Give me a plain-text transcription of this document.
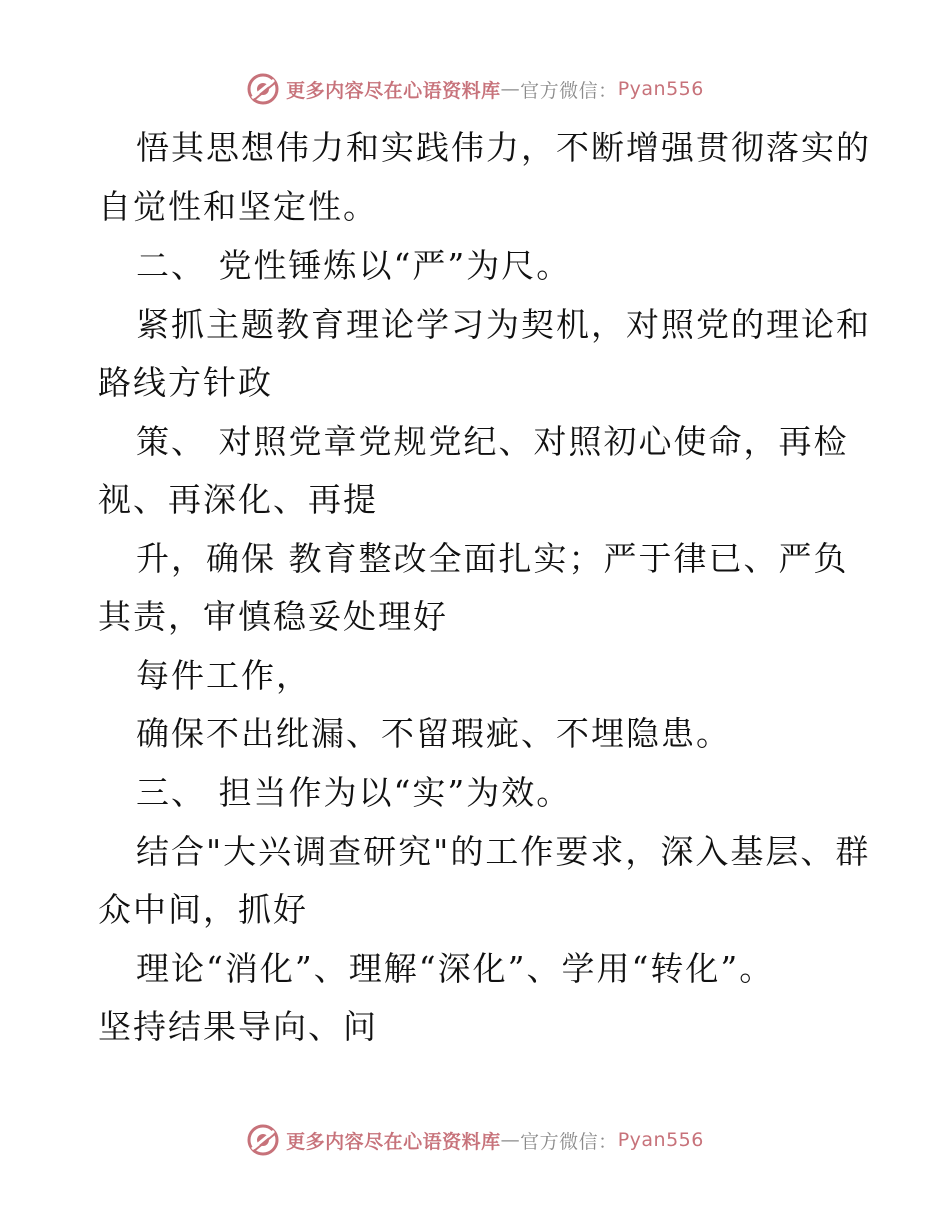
更多内容尽在心语资料库 — 官方微信： Pyan556

悟其思想伟力和实践伟力，不断增强贯彻落实的

自觉性和坚定性。

二、 党性锤炼以“严”为尺。

紧抓主题教育理论学习为契机，对照党的理论和

路线方针政

策、 对照党章党规党纪、对照初心使命，再检

视、再深化、再提

升，确保 教育整改全面扎实；严于律已、严负

其责，审慎稳妥处理好

每件工作，

确保不出纰漏、不留瑕疵、不埋隐患。

三、 担当作为以“实”为效。

结合"大兴调查研究"的工作要求，深入基层、群

众中间，抓好

理论“消化”、理解“深化”、学用“转化”。

坚持结果导向、问

更多内容尽在心语资料库 — 官方微信： Pyan556
